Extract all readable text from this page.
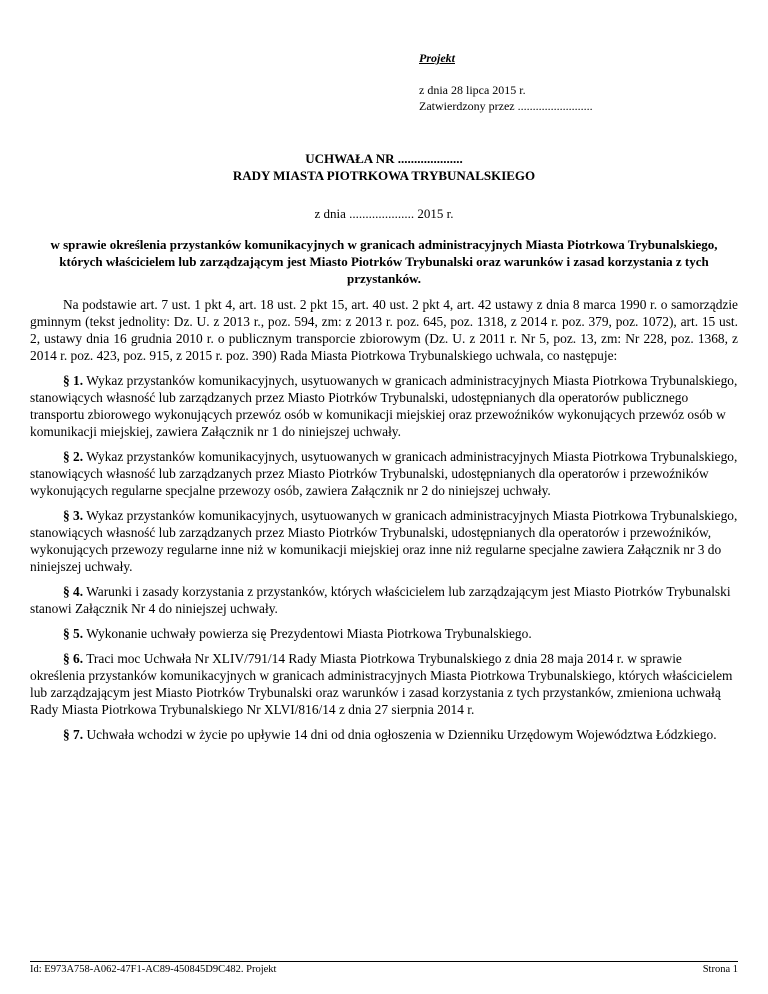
Projekt
z dnia 28 lipca 2015 r.
Zatwierdzony przez .........................
UCHWAŁA NR ....................
RADY MIASTA PIOTRKOWA TRYBUNALSKIEGO
z dnia .................... 2015 r.
w sprawie określenia przystanków komunikacyjnych w granicach administracyjnych Miasta Piotrkowa Trybunalskiego, których właścicielem lub zarządzającym jest Miasto Piotrków Trybunalski oraz warunków i zasad korzystania z tych przystanków.
Na podstawie art. 7 ust. 1 pkt 4, art. 18 ust. 2 pkt 15, art. 40 ust. 2 pkt 4, art. 42 ustawy z dnia 8 marca 1990 r. o samorządzie gminnym (tekst jednolity: Dz. U. z 2013 r., poz. 594, zm: z 2013 r. poz. 645, poz. 1318, z 2014 r. poz. 379, poz. 1072), art. 15 ust. 2, ustawy dnia 16 grudnia 2010 r. o publicznym transporcie zbiorowym (Dz. U. z 2011 r. Nr 5, poz. 13, zm: Nr 228, poz. 1368, z 2014 r. poz. 423, poz. 915, z 2015 r. poz. 390) Rada Miasta Piotrkowa Trybunalskiego uchwala, co następuje:

§ 1. Wykaz przystanków komunikacyjnych, usytuowanych w granicach administracyjnych Miasta Piotrkowa Trybunalskiego, stanowiących własność lub zarządzanych przez Miasto Piotrków Trybunalski, udostępnianych dla operatorów publicznego transportu zbiorowego wykonujących przewóz osób w komunikacji miejskiej oraz przewoźników wykonujących przewóz osób w komunikacji miejskiej, zawiera Załącznik nr 1 do niniejszej uchwały.

§ 2. Wykaz przystanków komunikacyjnych, usytuowanych w granicach administracyjnych Miasta Piotrkowa Trybunalskiego, stanowiących własność lub zarządzanych przez Miasto Piotrków Trybunalski, udostępnianych dla operatorów i przewoźników wykonujących regularne specjalne przewozy osób, zawiera Załącznik nr 2 do niniejszej uchwały.

§ 3. Wykaz przystanków komunikacyjnych, usytuowanych w granicach administracyjnych Miasta Piotrkowa Trybunalskiego, stanowiących własność lub zarządzanych przez Miasto Piotrków Trybunalski, udostępnianych dla operatorów i przewoźników, wykonujących przewozy regularne inne niż w komunikacji miejskiej oraz inne niż regularne specjalne zawiera Załącznik nr 3 do niniejszej uchwały.

§ 4. Warunki i zasady korzystania z przystanków, których właścicielem lub zarządzającym jest Miasto Piotrków Trybunalski stanowi Załącznik Nr 4 do niniejszej uchwały.

§ 5. Wykonanie uchwały powierza się Prezydentowi Miasta Piotrkowa Trybunalskiego.

§ 6. Traci moc Uchwała Nr XLIV/791/14 Rady Miasta Piotrkowa Trybunalskiego z dnia 28 maja 2014 r. w sprawie określenia przystanków komunikacyjnych w granicach administracyjnych Miasta Piotrkowa Trybunalskiego, których właścicielem lub zarządzającym jest Miasto Piotrków Trybunalski oraz warunków i zasad korzystania z tych przystanków, zmieniona uchwałą Rady Miasta Piotrkowa Trybunalskiego Nr XLVI/816/14 z dnia 27 sierpnia 2014 r.

§ 7. Uchwała wchodzi w życie po upływie 14 dni od dnia ogłoszenia w Dzienniku Urzędowym Województwa Łódzkiego.

Id: E973A758-A062-47F1-AC89-450845D9C482. Projekt	Strona 1
